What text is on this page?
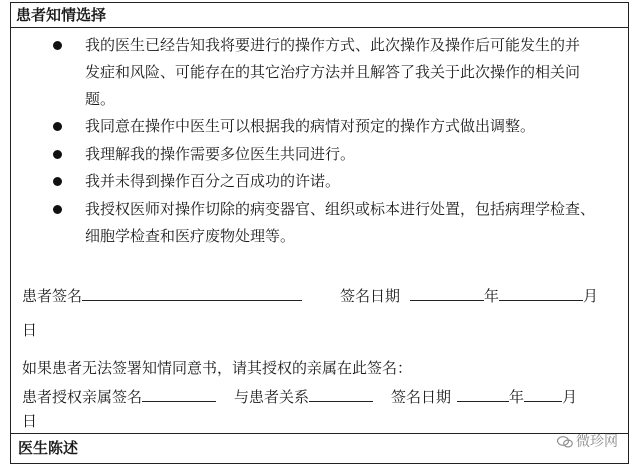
患者知情选择
我的医生已经告知我将要进行的操作方式、此次操作及操作后可能发生的并
发症和风险、可能存在的其它治疗方法并且解答了我关于此次操作的相关问
题。
我同意在操作中医生可以根据我的病情对预定的操作方式做出调整。
我理解我的操作需要多位医生共同进行。
我并未得到操作百分之百成功的许诺。
我授权医师对操作切除的病变器官、组织或标本进行处置，包括病理学检查、
细胞学检查和医疗废物处理等。
患者签名	签名日期	年	月
日
如果患者无法签署知情同意书，请其授权的亲属在此签名：
患者授权亲属签名	与患者关系	签名日期	年	月
日
医生陈述	微珍网
